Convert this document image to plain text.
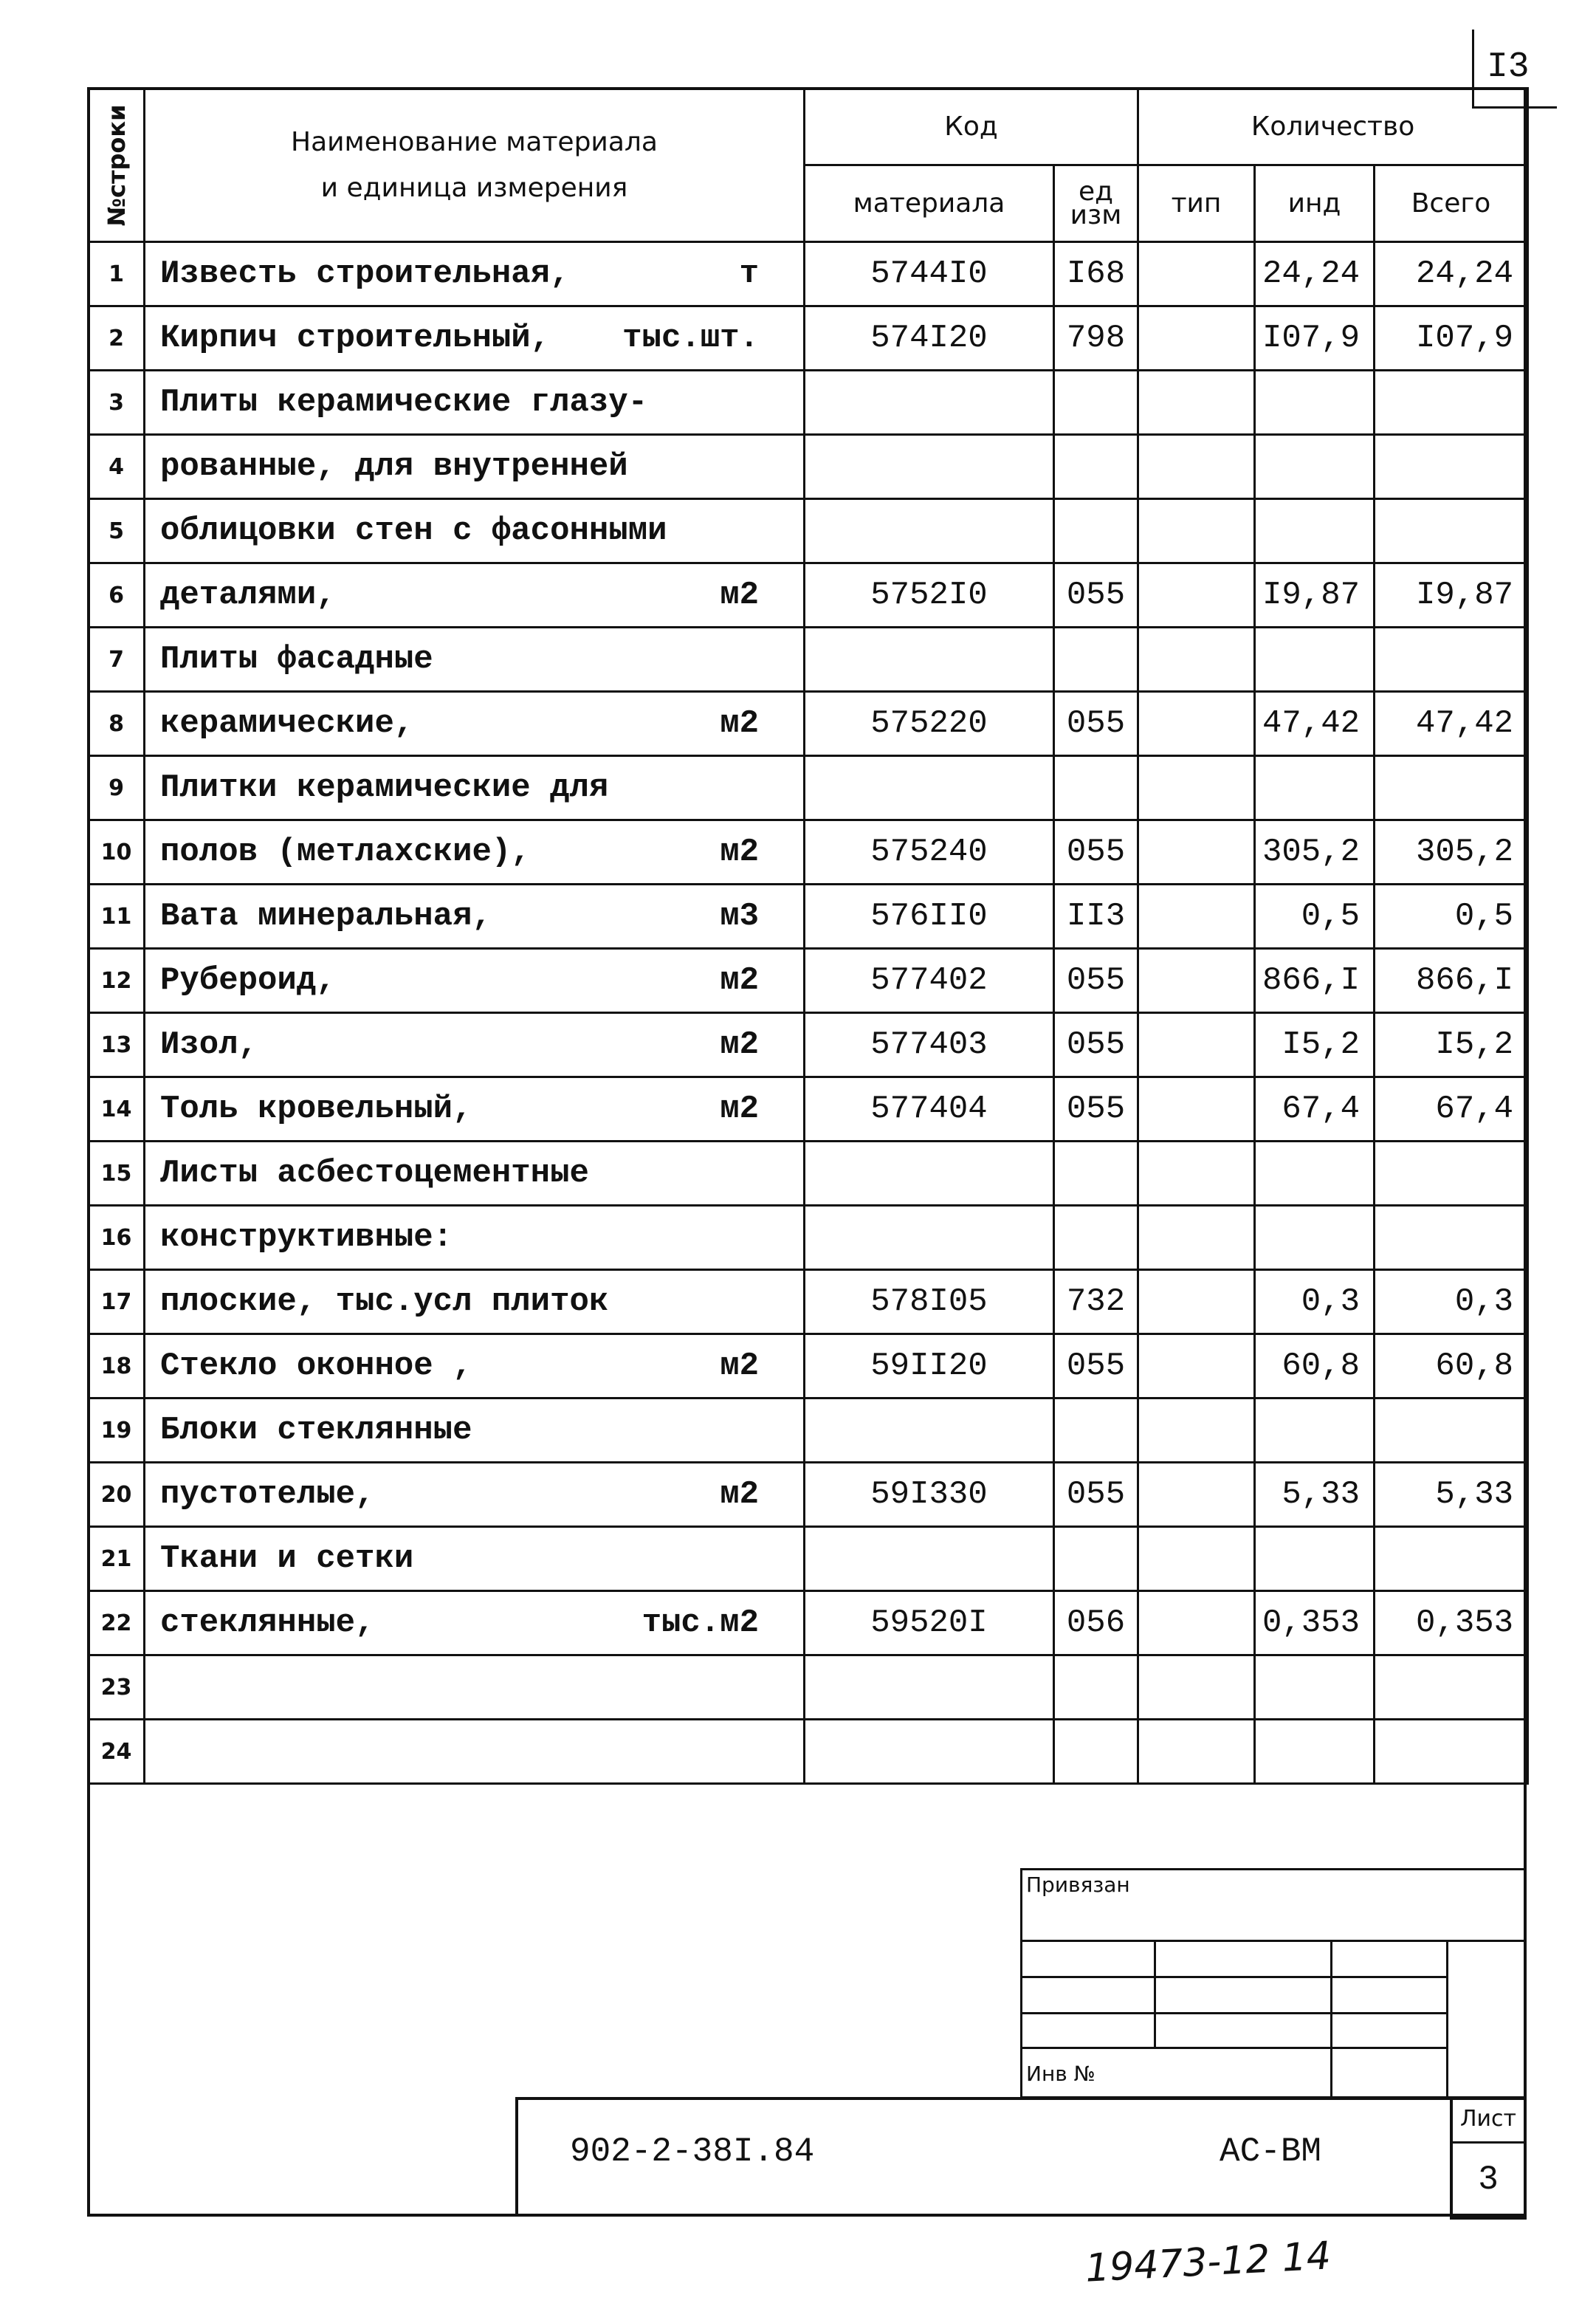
I3
№строки	Наименование материала
и единица измерения	Код		Количество		
		материала	ед изм	тип	инд	Всего
1	Известь строительная, т	5744I0	I68		24,24	24,24
2	Кирпич строительный, тыс.шт.	574I20	798		I07,9	I07,9
3	Плиты керамические глазу-

4	рованные, для внутренней

5	облицовки стен с фасонными

6	деталями, м2	5752I0	055		I9,87	I9,87
7	Плиты фасадные

8	керамические, м2	575220	055		47,42	47,42
9	Плитки керамические для

10	полов (метлахские), м2	575240	055		305,2	305,2
11	Вата минеральная, м3	576II0	II3		0,5	0,5
12	Рубероид, м2	577402	055		866,I	866,I
13	Изол, м2	577403	055		I5,2	I5,2
14	Толь кровельный, м2	577404	055		67,4	67,4
15	Листы асбестоцементные

16	конструктивные:

17	плоские, тыс.усл плиток	578I05	732		0,3	0,3
18	Стекло оконное , м2	59II20	055		60,8	60,8
19	Блоки стеклянные

20	пустотелые, м2	59I330	055		5,33	5,33
21	Ткани и сетки

22	стеклянные, тыс.м2	59520I	056		0,353	0,353
23	

24	

Привязан
Инв №
902-2-38I.84	АС-ВМ
Лист
3
19473-12 14
